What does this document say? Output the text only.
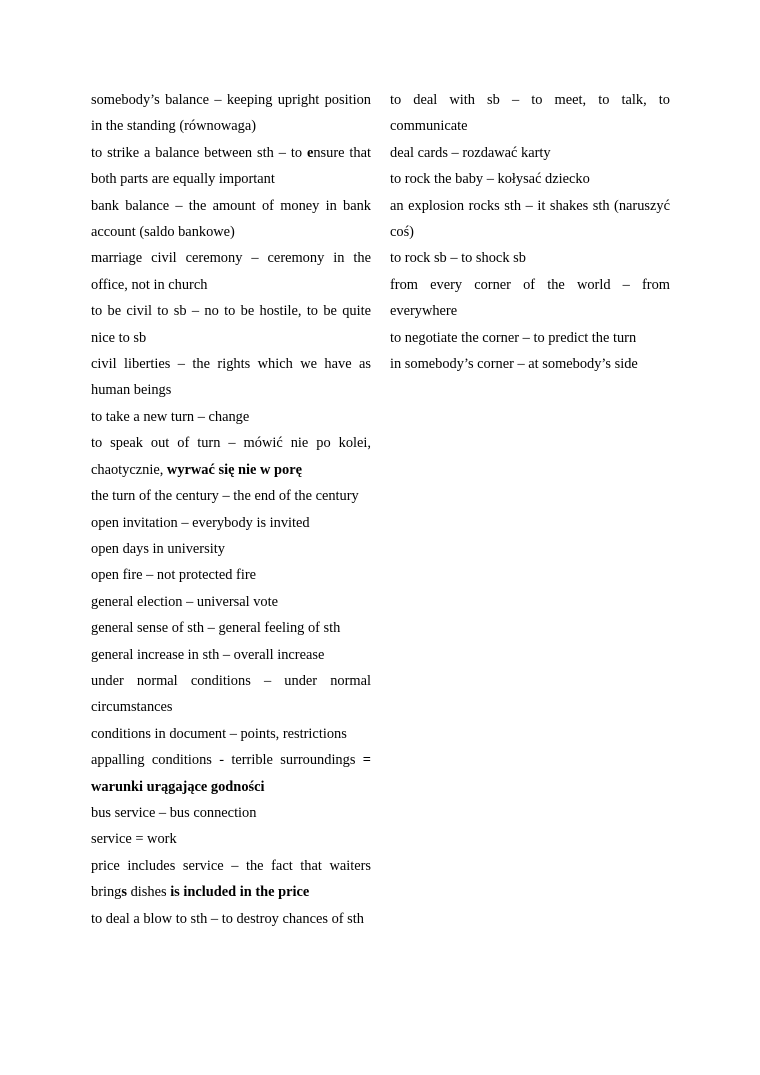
somebody’s balance – keeping upright position in the standing (równowaga)

to strike a balance between sth – to ensure that both parts are equally important

bank balance – the amount of money in bank account (saldo bankowe)

marriage civil ceremony – ceremony in the office, not in church

to be civil to sb – no to be hostile, to be quite nice to sb

civil liberties – the rights which we have as human beings

to take a new turn – change

to speak out of turn – mówić nie po kolei, chaotycznie, wyrwać się nie w porę

the turn of the century – the end of the century

open invitation – everybody is invited

open days in university

open fire – not protected fire

general election – universal vote

general sense of sth – general feeling of sth

general increase in sth – overall increase

under normal conditions – under normal circumstances

conditions in document – points, restrictions

appalling conditions - terrible surroundings = warunki urągające godności

bus service – bus connection

service = work

price includes service – the fact that waiters brings dishes is included in the price

to deal a blow to sth – to destroy chances of sth

to deal with sb – to meet, to talk, to communicate

deal cards – rozdawać karty

to rock the baby – kołysać dziecko

an explosion rocks sth – it shakes sth (naruszyć coś)

to rock sb – to shock sb

from every corner of the world – from everywhere

to negotiate the corner – to predict the turn

in somebody’s corner – at somebody’s side
